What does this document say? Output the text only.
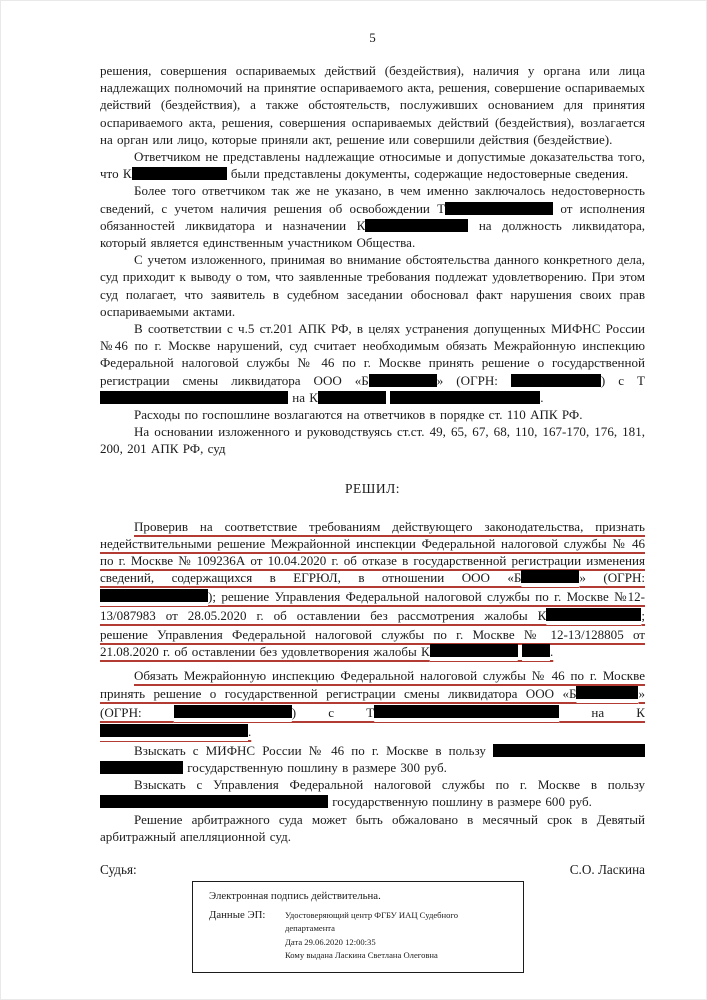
5

решения, совершения оспариваемых действий (бездействия), наличия у органа или лица надлежащих полномочий на принятие оспариваемого акта, решения, совершение оспариваемых действий (бездействия), а также обстоятельств, послуживших основанием для принятия оспариваемого акта, решения, совершения оспариваемых действий (бездействия), возлагается на орган или лицо, которые приняли акт, решение или совершили действия (бездействие).

Ответчиком не представлены надлежащие относимые и допустимые доказательства того, что К	были представлены документы, содержащие недостоверные сведения.

Более того ответчиком так же не указано, в чем именно заключалось недостоверность сведений, с учетом наличия решения об освобождении Т	от исполнения обязанностей ликвидатора и назначении К	на должность ликвидатора, который является единственным участником Общества.

С учетом изложенного, принимая во внимание обстоятельства данного конкретного дела, суд приходит к выводу о том, что заявленные требования подлежат удовлетворению. При этом суд полагает, что заявитель в судебном заседании обосновал факт нарушения своих прав оспариваемыми актами.

В соответствии с ч.5 ст.201 АПК РФ, в целях устранения допущенных МИФНС России №46 по г. Москве нарушений, суд считает необходимым обязать Межрайонную инспекцию Федеральной налоговой службы № 46 по г. Москве принять решение о государственной регистрации смены ликвидатора ООО «Б	» (ОГРН:	) с Т на К	.

Расходы по госпошлине возлагаются на ответчиков в порядке ст. 110 АПК РФ.

На основании изложенного и руководствуясь ст.ст. 49, 65, 67, 68, 110, 167-170, 176, 181, 200, 201 АПК РФ, суд

РЕШИЛ:

Проверив на соответствие требованиям действующего законодательства, признать недействительными решение Межрайонной инспекции Федеральной налоговой службы № 46 по г. Москве № 109236А от 10.04.2020 г. об отказе в государственной регистрации изменения сведений, содержащихся в ЕГРЮЛ, в отношении ООО «Б	» (ОГРН: ); решение Управления Федеральной налоговой службы по г. Москве №12-13/087983 от 28.05.2020 г. об оставлении без рассмотрения жалобы К	; решение Управления Федеральной налоговой службы по г. Москве № 12-13/128805 от 21.08.2020 г. об оставлении без удовлетворения жалобы К	.

Обязать Межрайонную инспекцию Федеральной налоговой службы № 46 по г. Москве принять решение о государственной регистрации смены ликвидатора ООО «Б	» (ОГРН:	) с Т	на К.

Взыскать с МИФНС России № 46 по г. Москве в пользу   государственную пошлину в размере 300 руб.

Взыскать с Управления Федеральной налоговой службы по г. Москве в пользу  государственную пошлину в размере 600 руб.

Решение арбитражного суда может быть обжаловано в месячный срок в Девятый арбитражный апелляционной суд.

Судья:	С.О. Ласкина

Электронная подпись действительна.

Данные ЭП:	Удостоверяющий центр ФГБУ ИАЦ Судебного департамента

Дата 29.06.2020 12:00:35

Кому выдана Ласкина Светлана Олеговна
